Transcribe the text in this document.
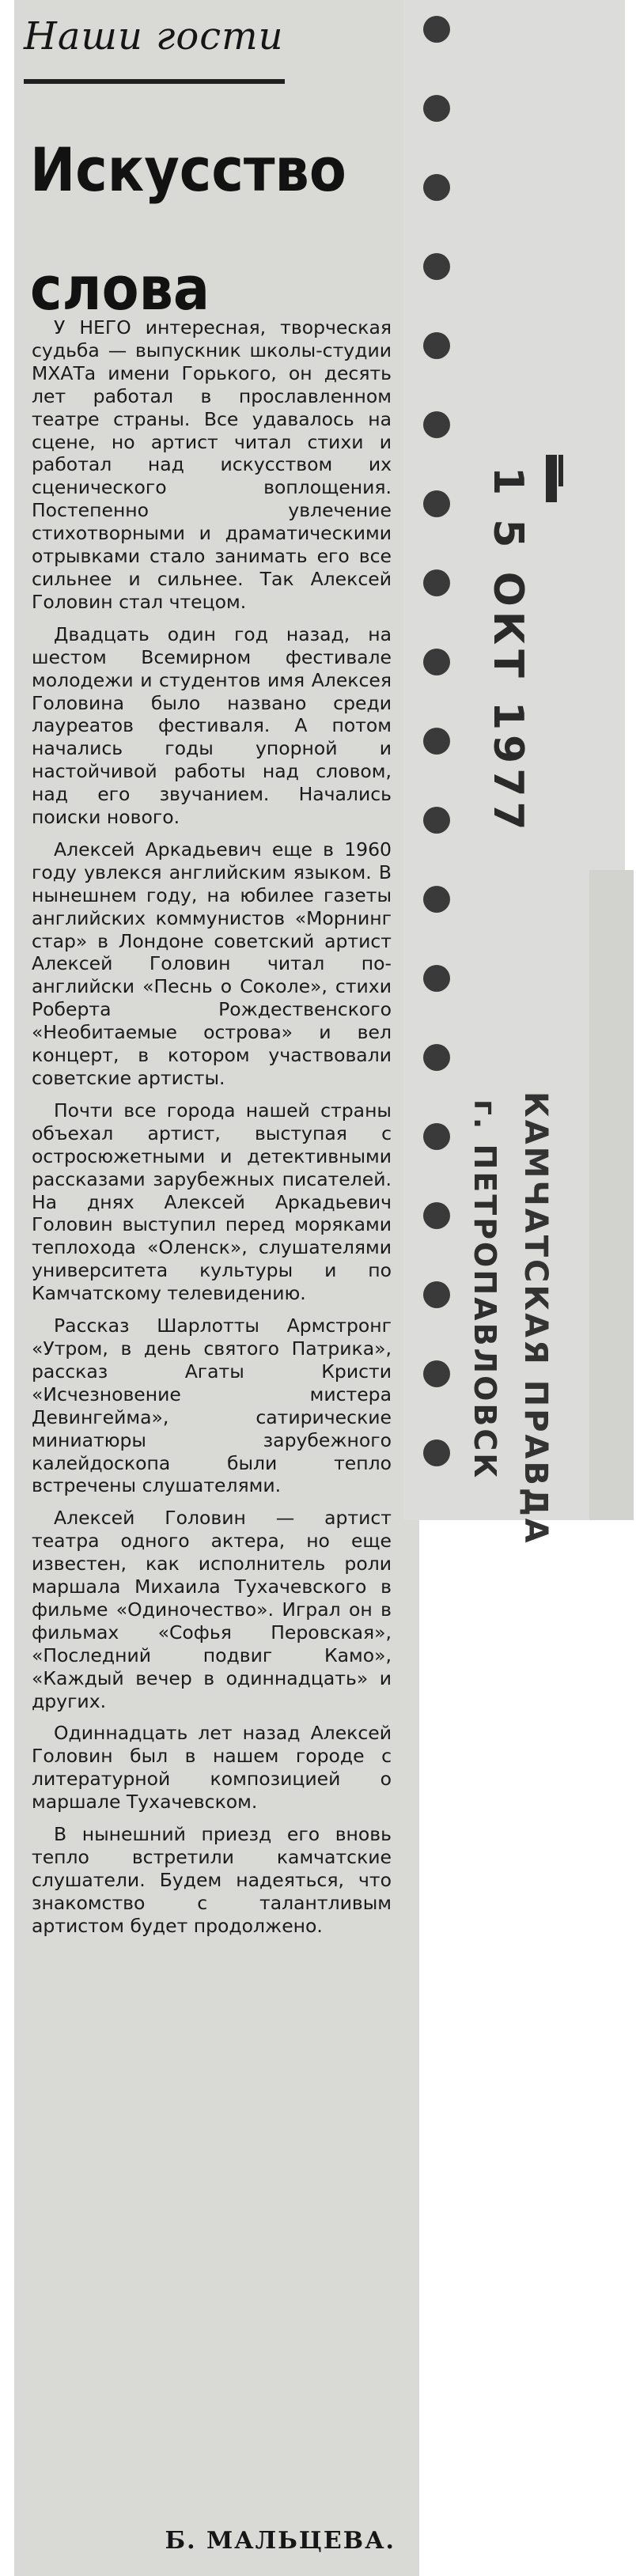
Наши гости
Искусство слова

У НЕГО интересная, творческая судьба — выпускник школы-студии МХАТа имени Горького, он десять лет работал в прославленном театре страны. Все удавалось на сцене, но артист читал стихи и работал над искусством их сценического воплощения. Постепенно увлечение стихотворными и драматическими отрывками стало занимать его все сильнее и сильнее. Так Алексей Головин стал чтецом.

Двадцать один год назад, на шестом Всемирном фестивале молодежи и студентов имя Алексея Головина было названо среди лауреатов фестиваля. А потом начались годы упорной и настойчивой работы над словом, над его звучанием. Начались поиски нового.

Алексей Аркадьевич еще в 1960 году увлекся английским языком. В нынешнем году, на юбилее газеты английских коммунистов «Морнинг стар» в Лондоне советский артист Алексей Головин читал по-английски «Песнь о Соколе», стихи Роберта Рождественского «Необитаемые острова» и вел концерт, в котором участвовали советские артисты.

Почти все города нашей страны объехал артист, выступая с остросюжетными и детективными рассказами зарубежных писателей. На днях Алексей Аркадьевич Головин выступил перед моряками теплохода «Оленск», слушателями университета культуры и по Камчатскому телевидению.

Рассказ Шарлотты Армстронг «Утром, в день святого Патрика», рассказ Агаты Кристи «Исчезновение мистера Девингейма», сатирические миниатюры зарубежного калейдоскопа были тепло встречены слушателями.

Алексей Головин — артист театра одного актера, но еще известен, как исполнитель роли маршала Михаила Тухачевского в фильме «Одиночество». Играл он в фильмах «Софья Перовская», «Последний подвиг Камо», «Каждый вечер в одиннадцать» и других.

Одиннадцать лет назад Алексей Головин был в нашем городе с литературной композицией о маршале Тухачевском.

В нынешний приезд его вновь тепло встретили камчатские слушатели. Будем надеяться, что знакомство с талантливым артистом будет продолжено.

Б. МАЛЬЦЕВА.
1 5 ОКТ 1977
КАМЧАТСКАЯ ПРАВДА
г. ПЕТРОПАВЛОВСК
